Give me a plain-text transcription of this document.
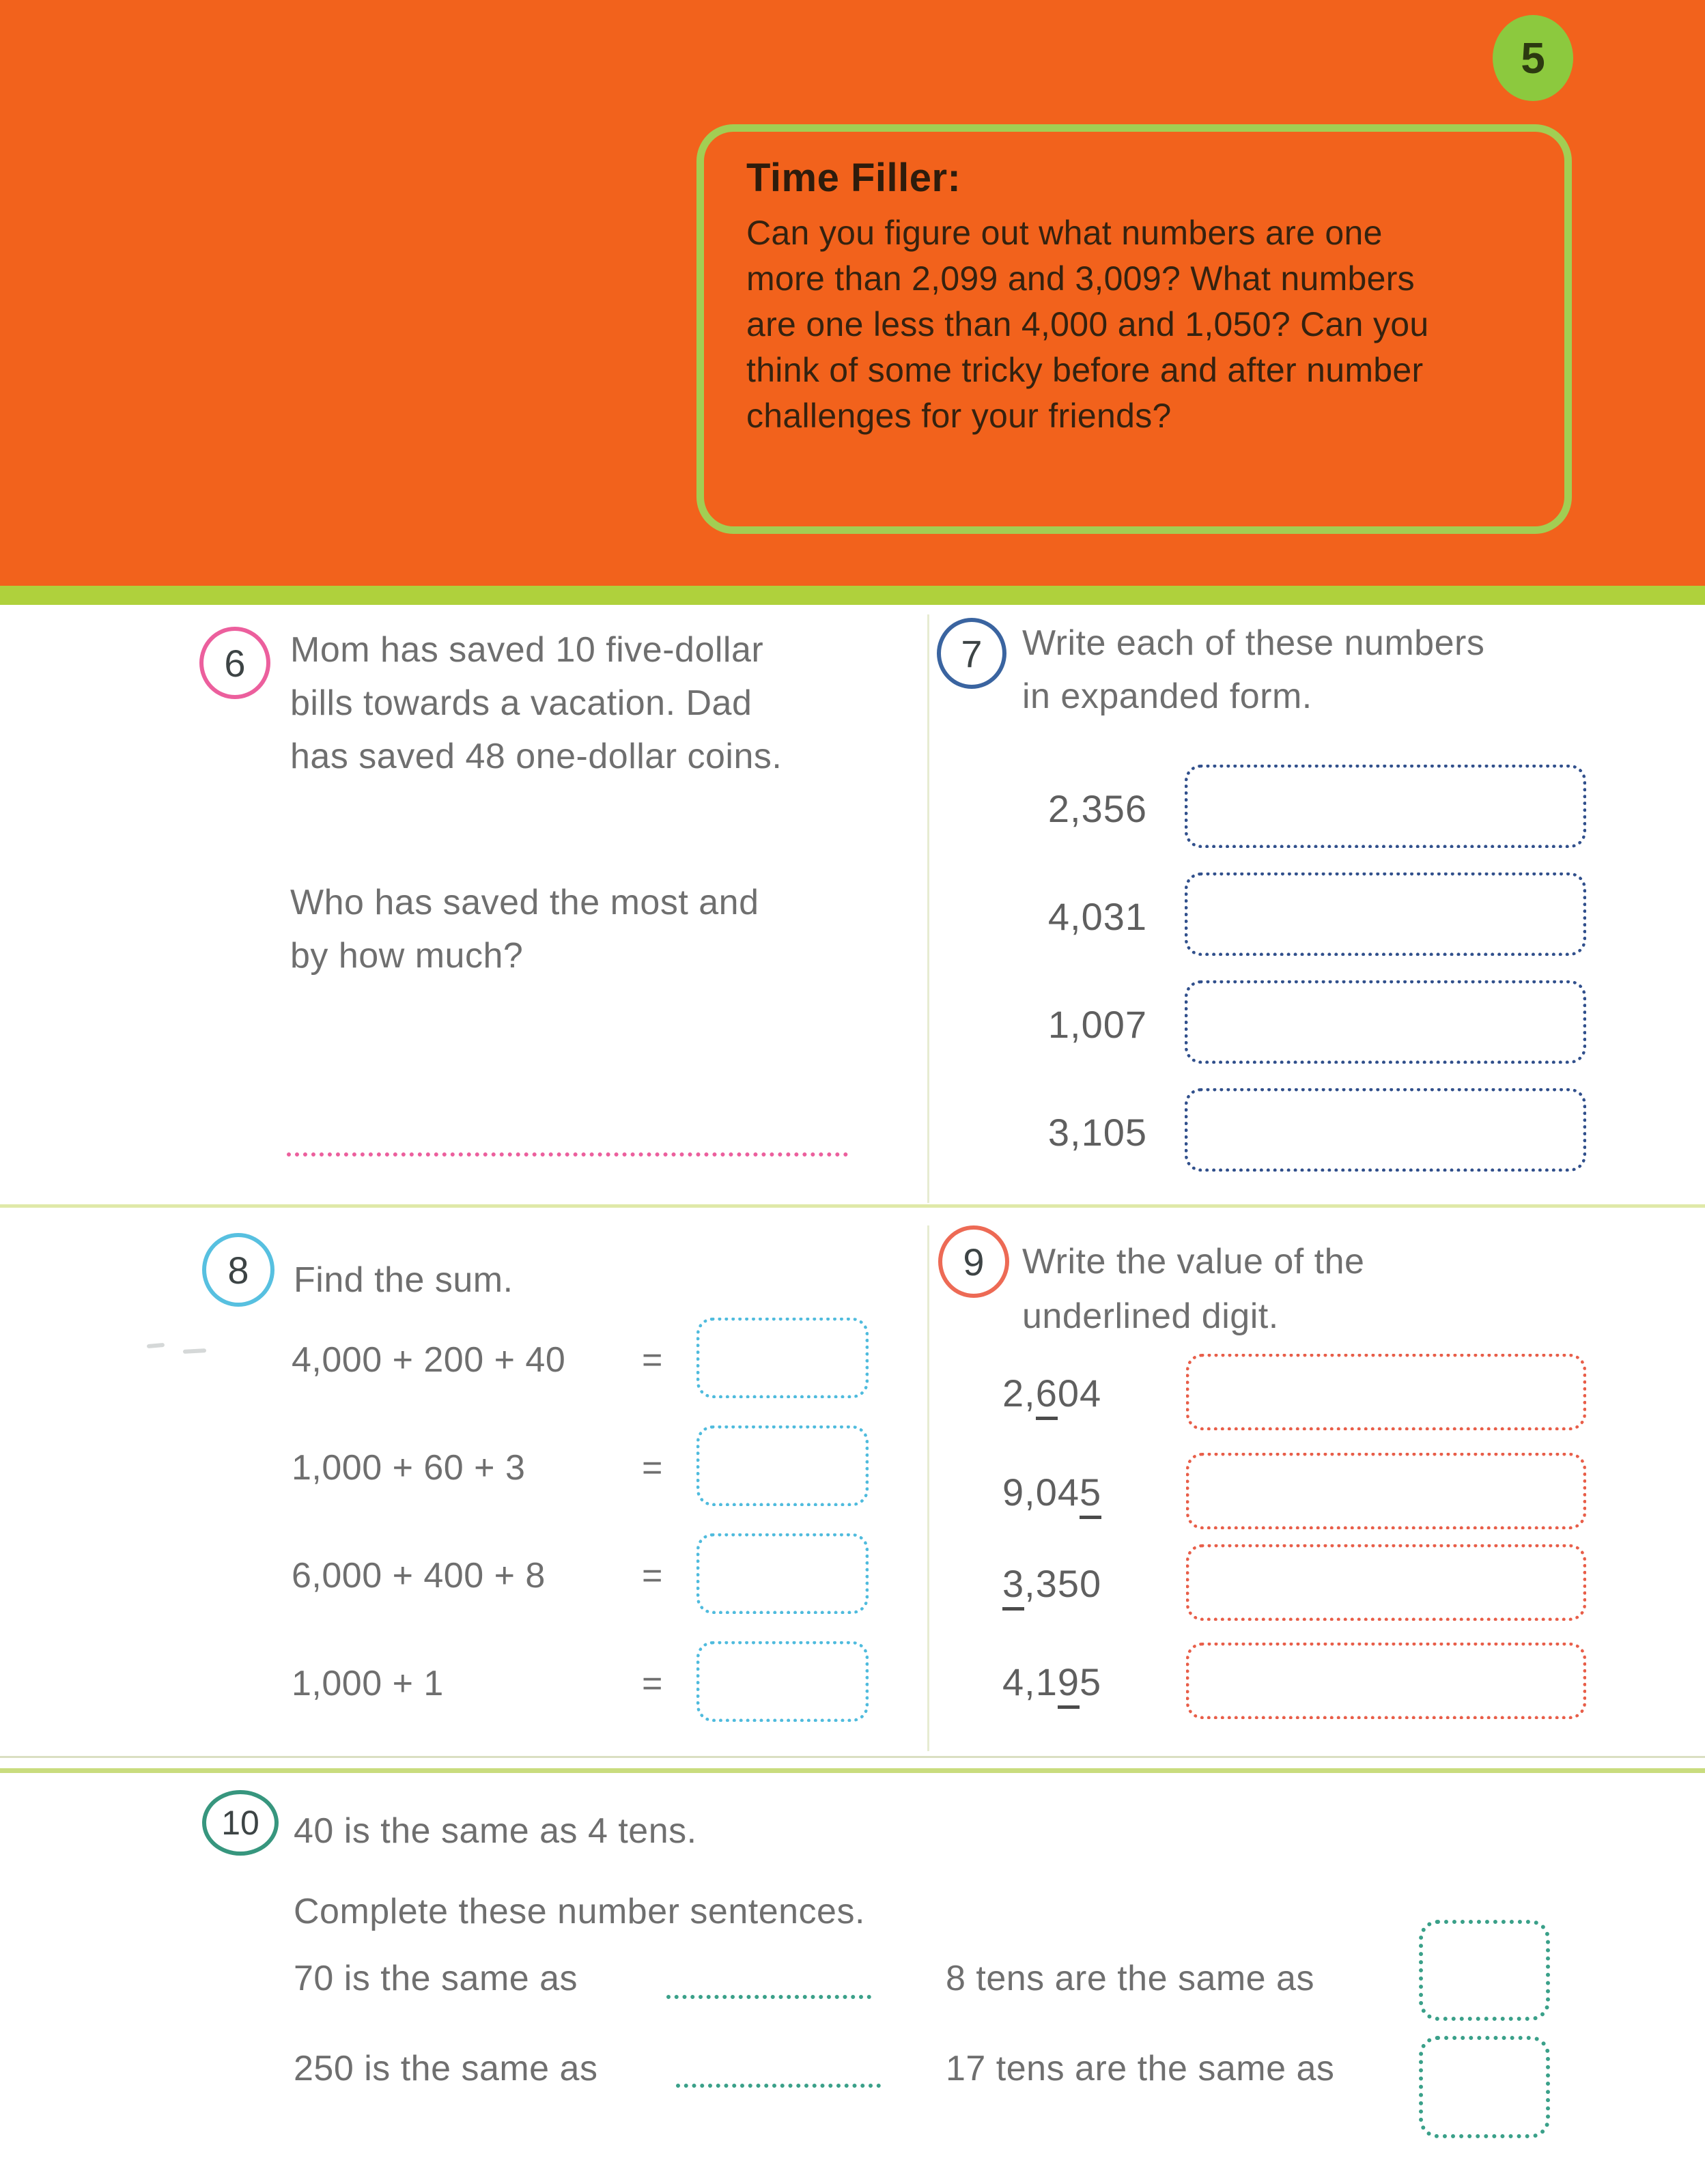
5
Time Filler:
Can you figure out what numbers are one
more than 2,099 and 3,009? What numbers
are one less than 4,000 and 1,050? Can you
think of some tricky before and after number
challenges for your friends?
6 Mom has saved 10 five-dollar
bills towards a vacation. Dad
has saved 48 one-dollar coins.
Who has saved the most and
by how much?
7 Write each of these numbers
in expanded form.
2,356
4,031
1,007
3,105
8 Find the sum.
4,000 + 200 + 40 =
1,000 + 60 + 3	=
6,000 + 400 + 8	=
1,000 + 1	=
9 Write the value of the
underlined digit.
2,604
9,045
3,350
4,195
10 40 is the same as 4 tens.
Complete these number sentences.
70 is the same as	8 tens are the same as
250 is the same as	17 tens are the same as
